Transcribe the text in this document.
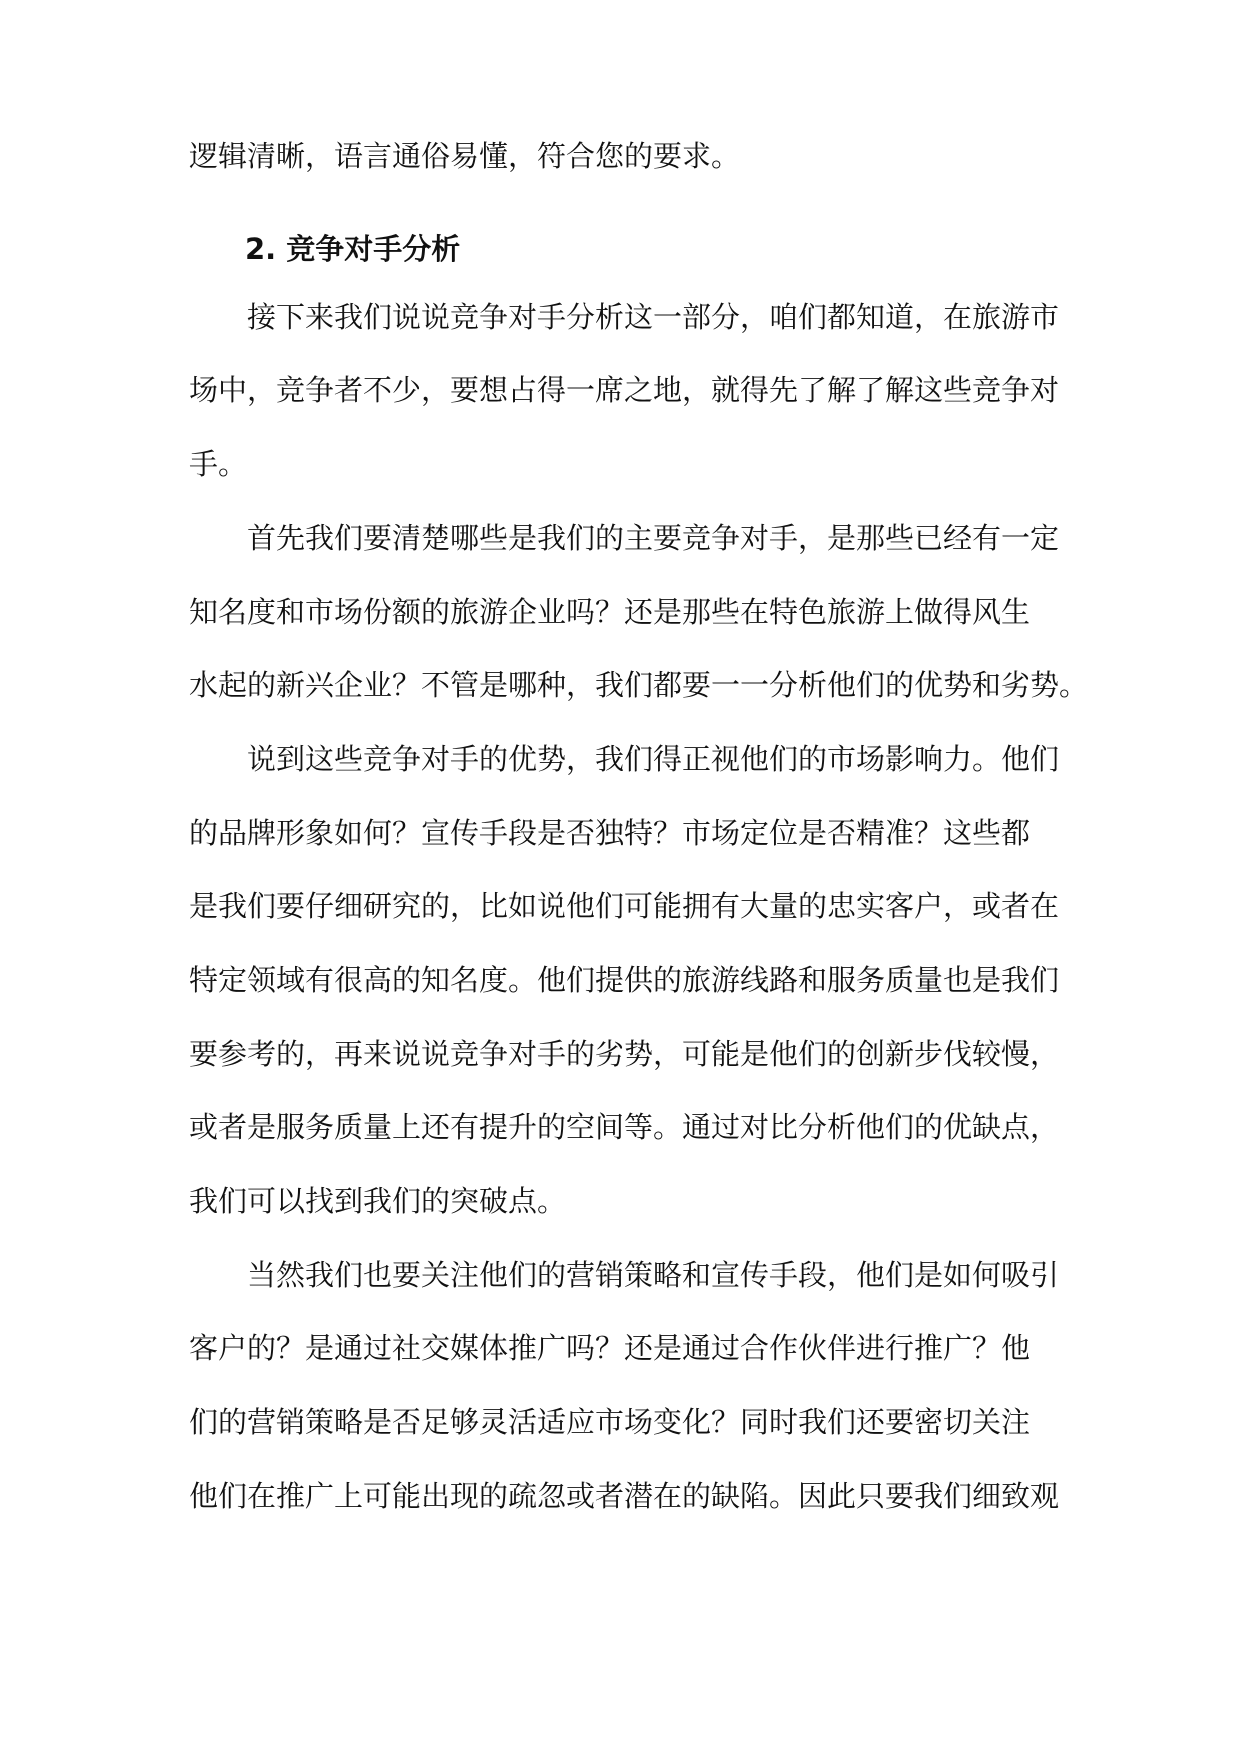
逻辑清晰，语言通俗易懂，符合您的要求。
2. 竞争对手分析
接下来我们说说竞争对手分析这一部分，咱们都知道，在旅游市
场中，竞争者不少，要想占得一席之地，就得先了解了解这些竞争对
手。
首先我们要清楚哪些是我们的主要竞争对手，是那些已经有一定
知名度和市场份额的旅游企业吗？还是那些在特色旅游上做得风生
水起的新兴企业？不管是哪种，我们都要一一分析他们的优势和劣势。
说到这些竞争对手的优势，我们得正视他们的市场影响力。他们
的品牌形象如何？宣传手段是否独特？市场定位是否精准？这些都
是我们要仔细研究的，比如说他们可能拥有大量的忠实客户，或者在
特定领域有很高的知名度。他们提供的旅游线路和服务质量也是我们
要参考的，再来说说竞争对手的劣势，可能是他们的创新步伐较慢，
或者是服务质量上还有提升的空间等。通过对比分析他们的优缺点，
我们可以找到我们的突破点。
当然我们也要关注他们的营销策略和宣传手段，他们是如何吸引
客户的？是通过社交媒体推广吗？还是通过合作伙伴进行推广？他
们的营销策略是否足够灵活适应市场变化？同时我们还要密切关注
他们在推广上可能出现的疏忽或者潜在的缺陷。因此只要我们细致观
